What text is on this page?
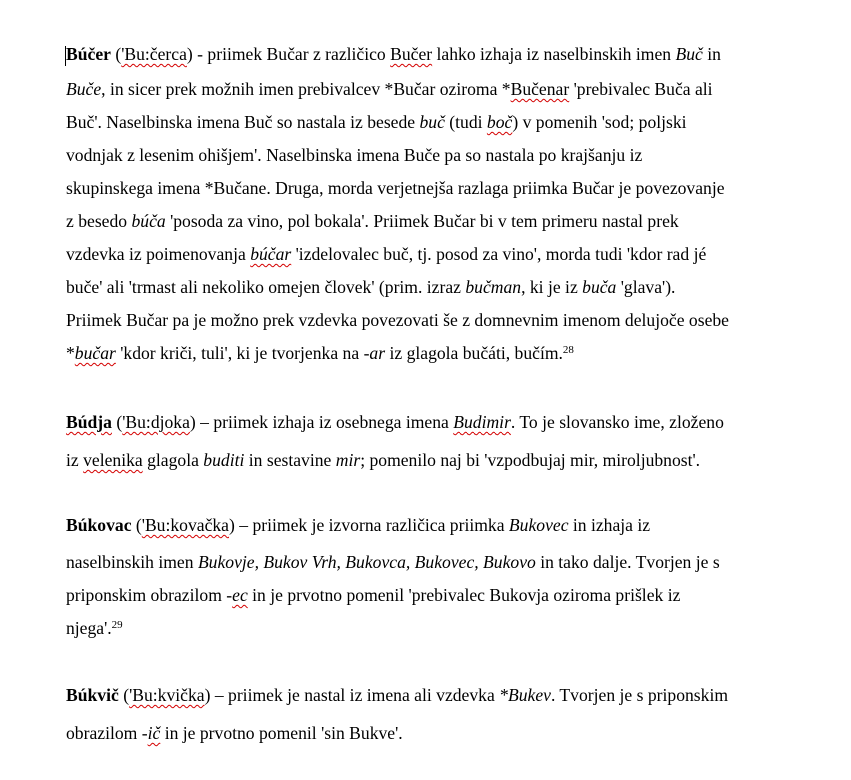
Búčer ('Bu:čerca) - priimek Bučar z različico Bučer lahko izhaja iz naselbinskih imen Buč in
Buče, in sicer prek možnih imen prebivalcev *Bučar oziroma *Bučenar 'prebivalec Buča ali
Buč'. Naselbinska imena Buč so nastala iz besede buč (tudi boč) v pomenih 'sod; poljski
vodnjak z lesenim ohišjem'. Naselbinska imena Buče pa so nastala po krajšanju iz
skupinskega imena *Bučane. Druga, morda verjetnejša razlaga priimka Bučar je povezovanje
z besedo búča 'posoda za vino, pol bokala'. Priimek Bučar bi v tem primeru nastal prek
vzdevka iz poimenovanja búčar 'izdelovalec buč, tj. posod za vino', morda tudi 'kdor rad jé
buče' ali 'trmast ali nekoliko omejen človek' (prim. izraz bučman, ki je iz buča 'glava').
Priimek Bučar pa je možno prek vzdevka povezovati še z domnevnim imenom delujoče osebe
*bučar 'kdor kriči, tuli', ki je tvorjenka na -ar iz glagola bučáti, bučím.$^{28}$
Búdja ('Bu:djoka) – priimek izhaja iz osebnega imena Budimir. To je slovansko ime, zloženo
iz velenika glagola buditi in sestavine mir; pomenilo naj bi 'vzpodbujaj mir, miroljubnost'.
Búkovac ('Bu:kovačka) – priimek je izvorna različica priimka Bukovec in izhaja iz
naselbinskih imen Bukovje, Bukov Vrh, Bukovca, Bukovec, Bukovo in tako dalje. Tvorjen je s
priponskim obrazilom -ec in je prvotno pomenil 'prebivalec Bukovja oziroma prišlek iz
njega'.$^{29}$
Búkvič ('Bu:kvička) – priimek je nastal iz imena ali vzdevka *Bukev. Tvorjen je s priponskim
obrazilom -ič in je prvotno pomenil 'sin Bukve'.
